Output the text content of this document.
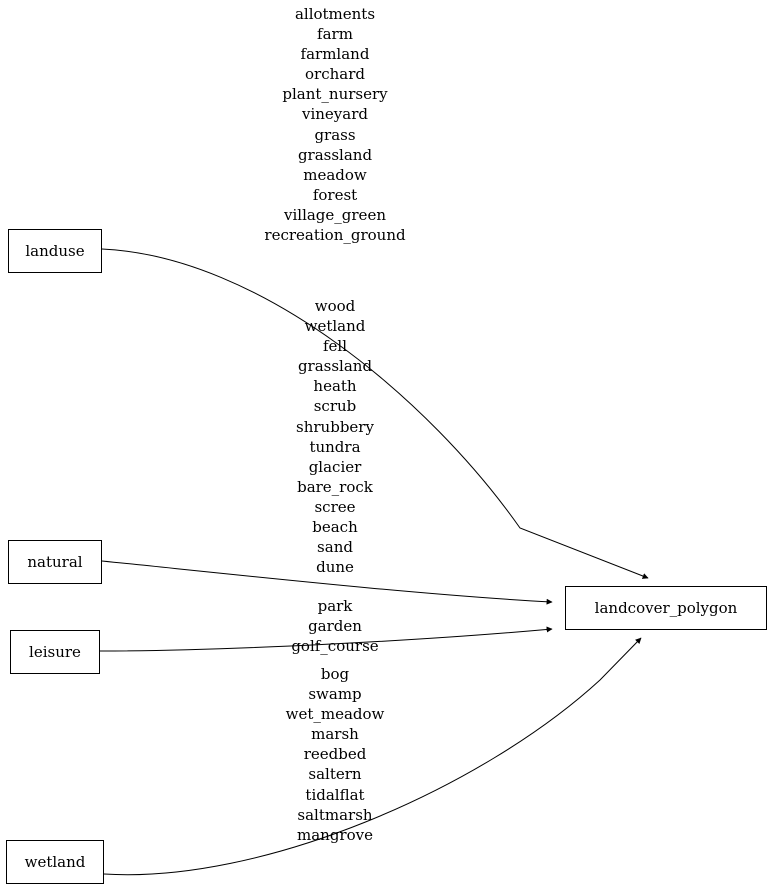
landuse
natural
leisure
wetland
landcover_polygon
allotments
farm
farmland
orchard
plant_nursery
vineyard
grass
grassland
meadow
forest
village_green
recreation_ground
wood
wetland
fell
grassland
heath
scrub
shrubbery
tundra
glacier
bare_rock
scree
beach
sand
dune
park
garden
golf_course
bog
swamp
wet_meadow
marsh
reedbed
saltern
tidalflat
saltmarsh
mangrove
